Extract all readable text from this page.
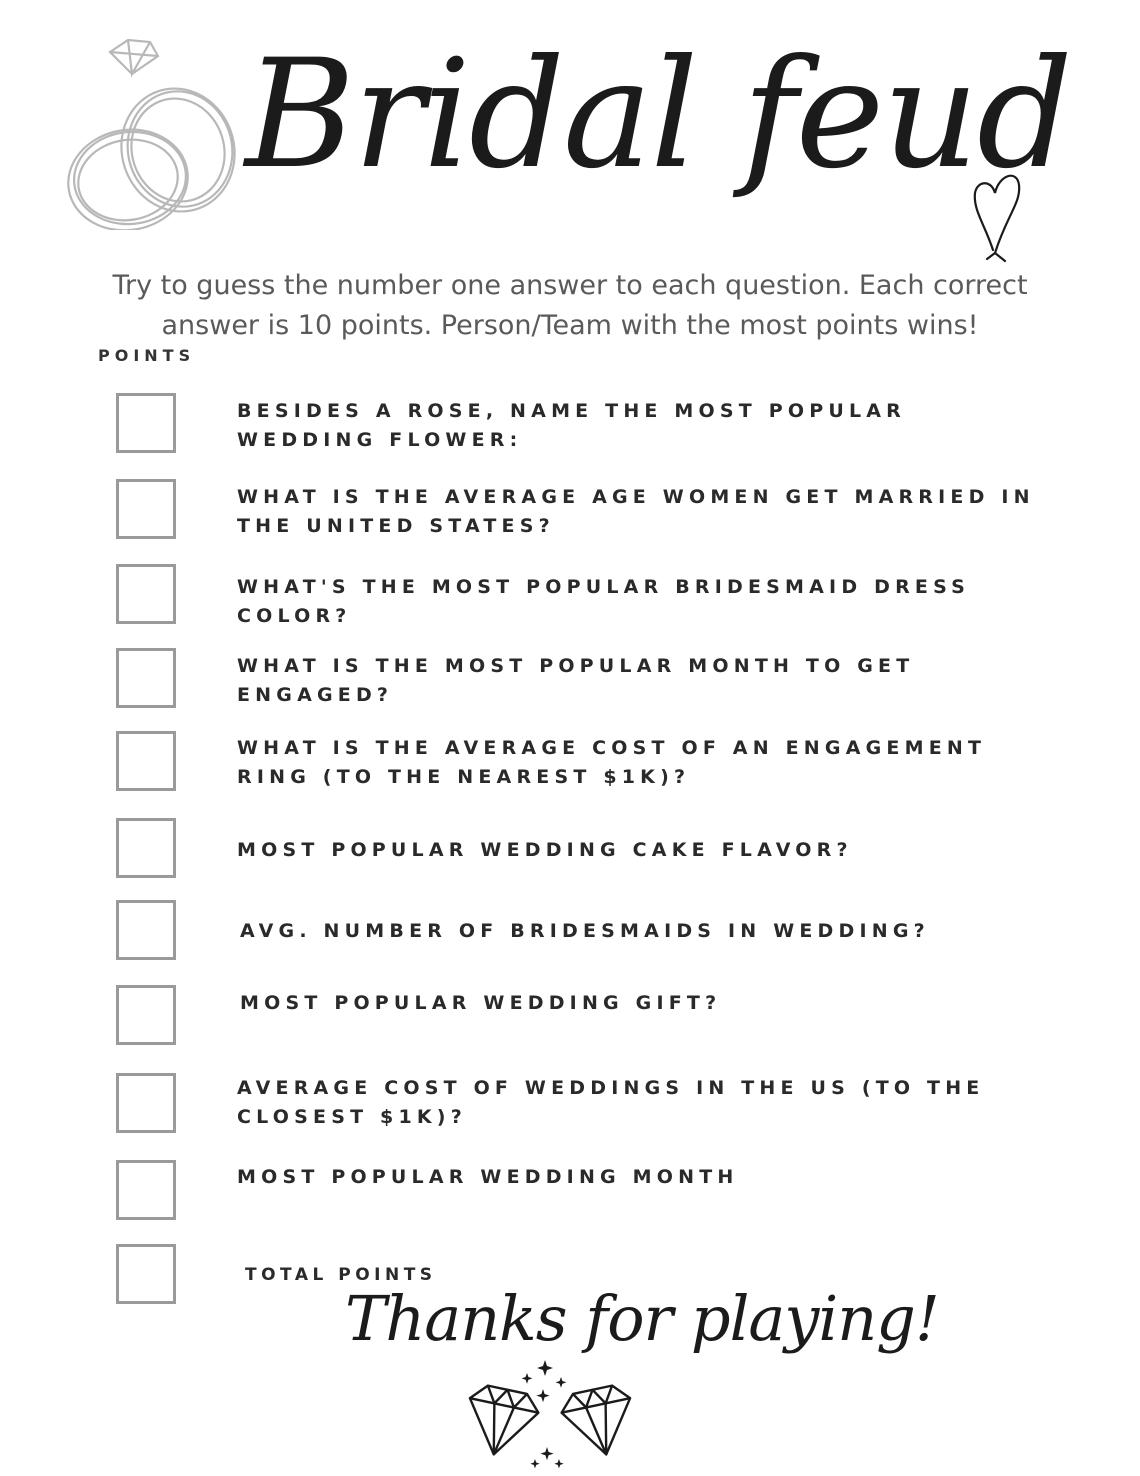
Bridal feud
Try to guess the number one answer to each question. Each correct answer is 10 points. Person/Team with the most points wins!
POINTS
BESIDES A ROSE, NAME THE MOST POPULAR WEDDING FLOWER:
WHAT IS THE AVERAGE AGE WOMEN GET MARRIED IN THE UNITED STATES?
WHAT'S THE MOST POPULAR BRIDESMAID DRESS COLOR?
WHAT IS THE MOST POPULAR MONTH TO GET ENGAGED?
WHAT IS THE AVERAGE COST OF AN ENGAGEMENT RING (TO THE NEAREST $1K)?
MOST POPULAR WEDDING CAKE FLAVOR?
AVG. NUMBER OF BRIDESMAIDS IN WEDDING?
MOST POPULAR WEDDING GIFT?
AVERAGE COST OF WEDDINGS IN THE US (TO THE CLOSEST $1K)?
MOST POPULAR WEDDING MONTH
TOTAL POINTS
Thanks for playing!
